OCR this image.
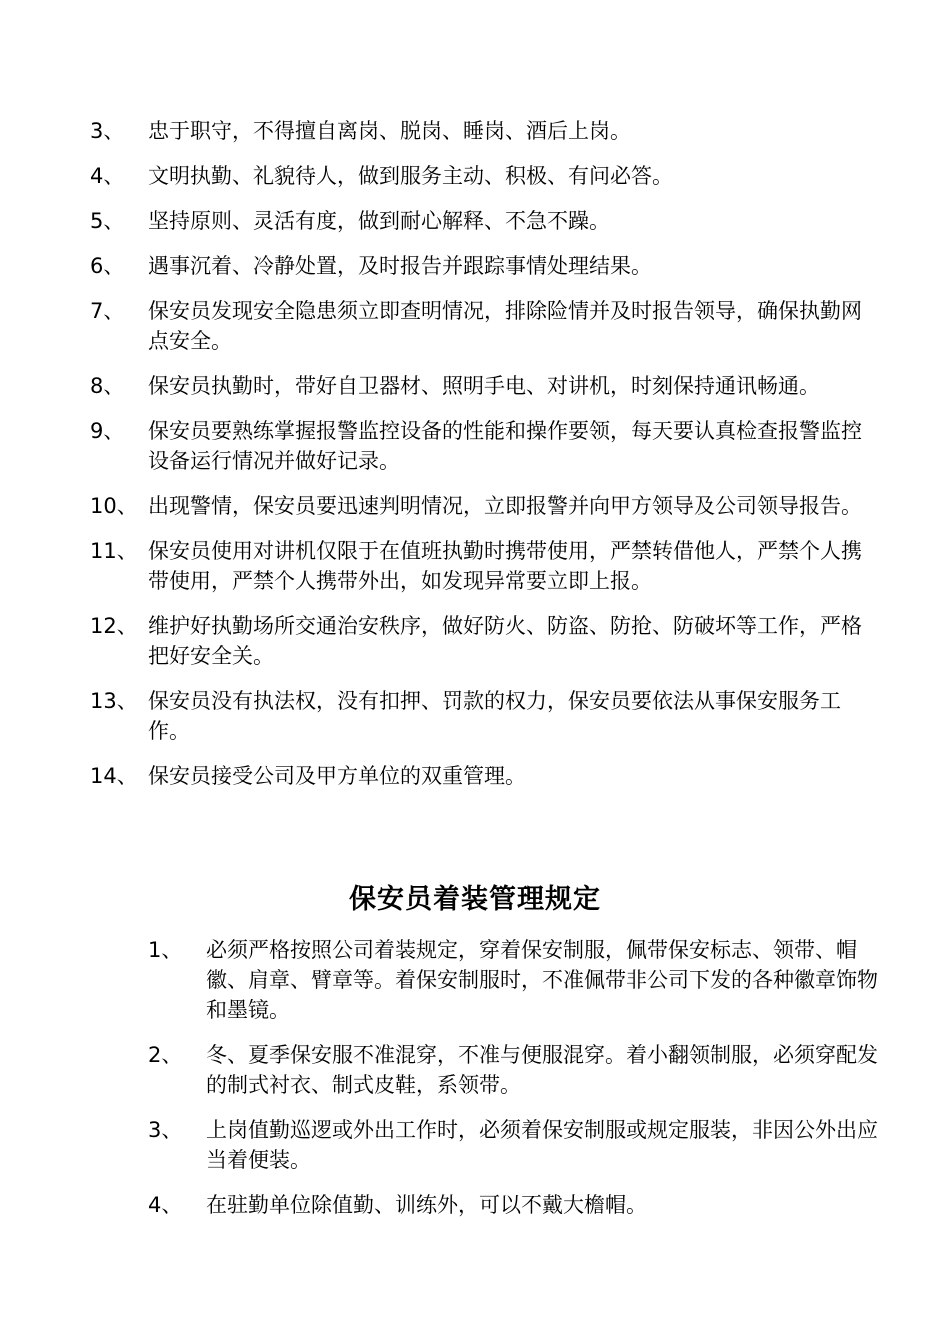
3、	忠于职守，不得擅自离岗、脱岗、睡岗、酒后上岗。
4、	文明执勤、礼貌待人，做到服务主动、积极、有问必答。
5、	坚持原则、灵活有度，做到耐心解释、不急不躁。
6、	遇事沉着、冷静处置，及时报告并跟踪事情处理结果。
7、	保安员发现安全隐患须立即查明情况，排除险情并及时报告领导，确保执勤网点安全。
8、	保安员执勤时，带好自卫器材、照明手电、对讲机，时刻保持通讯畅通。
9、	保安员要熟练掌握报警监控设备的性能和操作要领，每天要认真检查报警监控设备运行情况并做好记录。
10、 出现警情，保安员要迅速判明情况，立即报警并向甲方领导及公司领导报告。
11、 保安员使用对讲机仅限于在值班执勤时携带使用，严禁转借他人，严禁个人携带使用，严禁个人携带外出，如发现异常要立即上报。
12、 维护好执勤场所交通治安秩序，做好防火、防盗、防抢、防破坏等工作，严格把好安全关。
13、 保安员没有执法权，没有扣押、罚款的权力，保安员要依法从事保安服务工作。
14、 保安员接受公司及甲方单位的双重管理。
保安员着装管理规定
1、	必须严格按照公司着装规定，穿着保安制服，佩带保安标志、领带、帽徽、肩章、臂章等。着保安制服时，不准佩带非公司下发的各种徽章饰物和墨镜。
2、	冬、夏季保安服不准混穿，不准与便服混穿。着小翻领制服，必须穿配发的制式衬衣、制式皮鞋，系领带。
3、	上岗值勤巡逻或外出工作时，必须着保安制服或规定服装，非因公外出应当着便装。
4、	在驻勤单位除值勤、训练外，可以不戴大檐帽。
